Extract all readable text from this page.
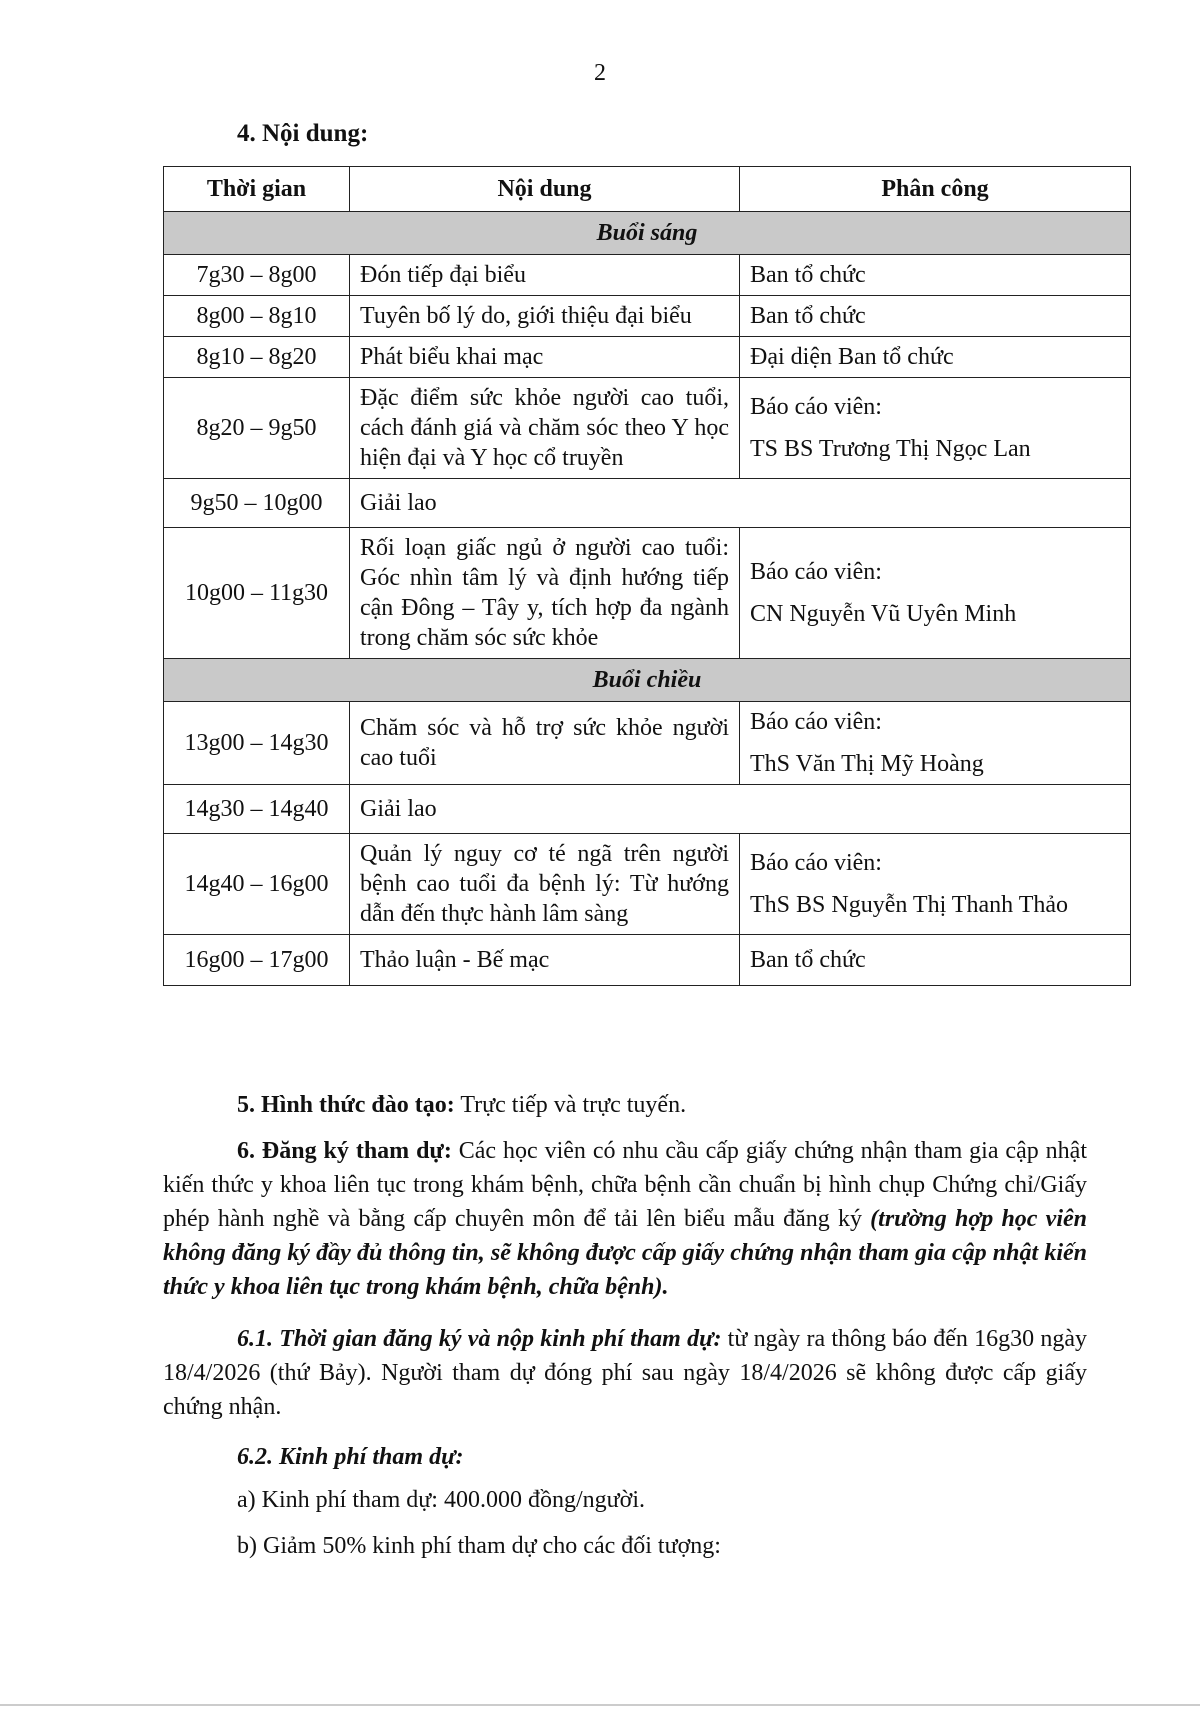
2
4. Nội dung:
Thời gian	Nội dung	Phân công
Buổi sáng		
7g30 – 8g00	Đón tiếp đại biểu	Ban tổ chức
8g00 – 8g10	Tuyên bố lý do, giới thiệu đại biểu	Ban tổ chức
8g10 – 8g20	Phát biểu khai mạc	Đại diện Ban tổ chức
8g20 – 9g50	Đặc điểm sức khỏe người cao tuổi, cách đánh giá và chăm sóc theo Y học hiện đại và Y học cổ truyền	Báo cáo viên:
TS BS Trương Thị Ngọc Lan

9g50 – 10g00	Giải lao	
10g00 – 11g30	Rối loạn giấc ngủ ở người cao tuổi: Góc nhìn tâm lý và định hướng tiếp cận Đông – Tây y, tích hợp đa ngành trong chăm sóc sức khỏe	Báo cáo viên:
CN Nguyễn Vũ Uyên Minh

Buổi chiều		
13g00 – 14g30	Chăm sóc và hỗ trợ sức khỏe người cao tuổi	Báo cáo viên:
ThS Văn Thị Mỹ Hoàng

14g30 – 14g40	Giải lao	
14g40 – 16g00	Quản lý nguy cơ té ngã trên người bệnh cao tuổi đa bệnh lý: Từ hướng dẫn đến thực hành lâm sàng	Báo cáo viên:
ThS BS Nguyễn Thị Thanh Thảo

16g00 – 17g00	Thảo luận - Bế mạc	Ban tổ chức
5. Hình thức đào tạo: Trực tiếp và trực tuyến.
6. Đăng ký tham dự: Các học viên có nhu cầu cấp giấy chứng nhận tham gia cập nhật kiến thức y khoa liên tục trong khám bệnh, chữa bệnh cần chuẩn bị hình chụp Chứng chỉ/Giấy phép hành nghề và bằng cấp chuyên môn để tải lên biểu mẫu đăng ký (trường hợp học viên không đăng ký đầy đủ thông tin, sẽ không được cấp giấy chứng nhận tham gia cập nhật kiến thức y khoa liên tục trong khám bệnh, chữa bệnh).
6.1. Thời gian đăng ký và nộp kinh phí tham dự: từ ngày ra thông báo đến 16g30 ngày 18/4/2026 (thứ Bảy). Người tham dự đóng phí sau ngày 18/4/2026 sẽ không được cấp giấy chứng nhận.
6.2. Kinh phí tham dự:
a) Kinh phí tham dự: 400.000 đồng/người.
b) Giảm 50% kinh phí tham dự cho các đối tượng:
